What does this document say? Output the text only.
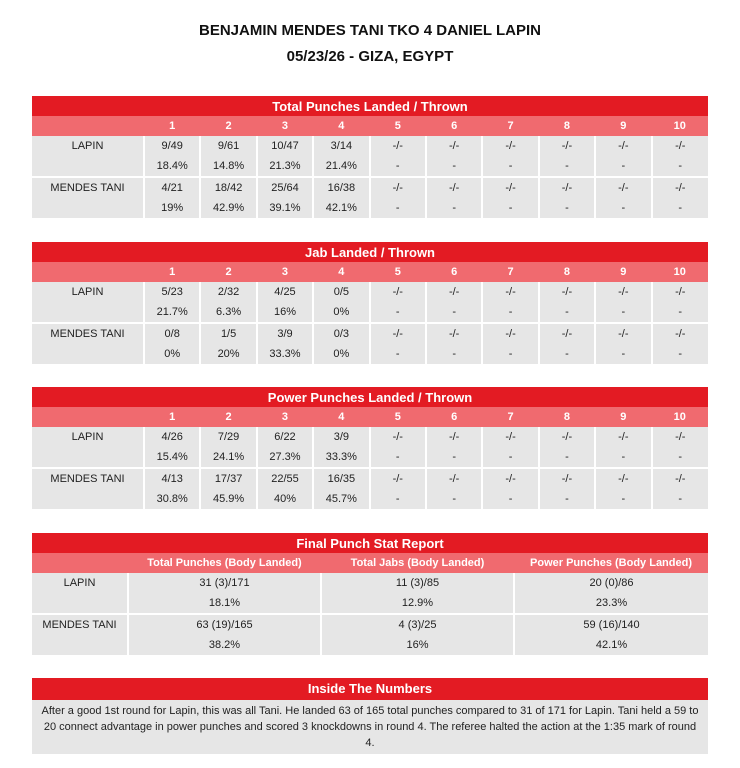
BENJAMIN MENDES TANI TKO 4 DANIEL LAPIN
05/23/26 - GIZA, EGYPT
Total Punches Landed / Thrown										
	1	2	3	4	5	6	7	8	9	10
LAPIN	9/49	9/61	10/47	3/14	-/-	-/-	-/-	-/-	-/-	-/-
	18.4%	14.8%	21.3%	21.4%	-	-	-	-	-	-
MENDES TANI	4/21	18/42	25/64	16/38	-/-	-/-	-/-	-/-	-/-	-/-
	19%	42.9%	39.1%	42.1%	-	-	-	-	-	-
Jab Landed / Thrown										
	1	2	3	4	5	6	7	8	9	10
LAPIN	5/23	2/32	4/25	0/5	-/-	-/-	-/-	-/-	-/-	-/-
	21.7%	6.3%	16%	0%	-	-	-	-	-	-
MENDES TANI	0/8	1/5	3/9	0/3	-/-	-/-	-/-	-/-	-/-	-/-
	0%	20%	33.3%	0%	-	-	-	-	-	-
Power Punches Landed / Thrown										
	1	2	3	4	5	6	7	8	9	10
LAPIN	4/26	7/29	6/22	3/9	-/-	-/-	-/-	-/-	-/-	-/-
	15.4%	24.1%	27.3%	33.3%	-	-	-	-	-	-
MENDES TANI	4/13	17/37	22/55	16/35	-/-	-/-	-/-	-/-	-/-	-/-
	30.8%	45.9%	40%	45.7%	-	-	-	-	-	-
Final Punch Stat Report			
	Total Punches (Body Landed)	Total Jabs (Body Landed)	Power Punches (Body Landed)
LAPIN	31 (3)/171	11 (3)/85	20 (0)/86
	18.1%	12.9%	23.3%
MENDES TANI	63 (19)/165	4 (3)/25	59 (16)/140
	38.2%	16%	42.1%
Inside The Numbers
After a good 1st round for Lapin, this was all Tani. He landed 63 of 165 total punches compared to 31 of 171 for Lapin. Tani held a 59 to 20 connect advantage in power punches and scored 3 knockdowns in round 4. The referee halted the action at the 1:35 mark of round 4.
